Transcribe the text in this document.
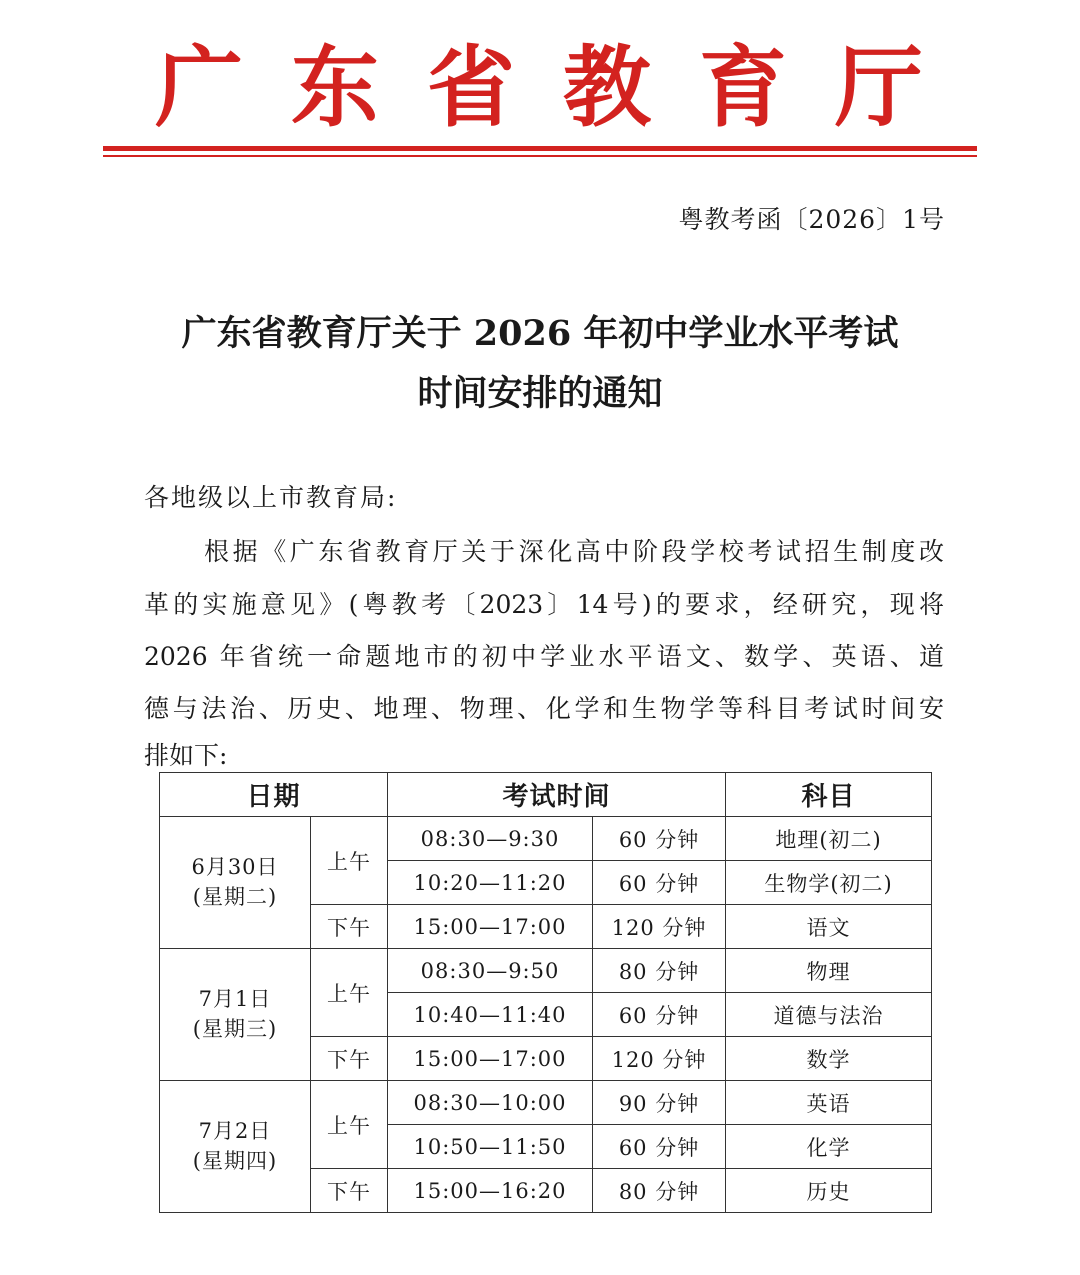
广 东 省 教 育 厅
粤教考函〔2026〕1号
广东省教育厅关于 2026 年初中学业水平考试
时间安排的通知
各地级以上市教育局:
根据《广东省教育厅关于深化高中阶段学校考试招生制度改
革的实施意见》(粤教考〔2023〕14号)的要求，经研究，现将
2026 年省统一命题地市的初中学业水平语文、数学、英语、道
德与法治、历史、地理、物理、化学和生物学等科目考试时间安
排如下:
日期		考试时间		科目

6月30日
(星期二)	上午	08:30—9:30	60 分钟	地理(初二)
		10:20—11:20	60 分钟	生物学(初二)
	下午	15:00—17:00	120 分钟	语文

7月1日
(星期三)	上午	08:30—9:50	80 分钟	物理
		10:40—11:40	60 分钟	道德与法治
	下午	15:00—17:00	120 分钟	数学

7月2日
(星期四)	上午	08:30—10:00	90 分钟	英语
		10:50—11:50	60 分钟	化学
	下午	15:00—16:20	80 分钟	历史
